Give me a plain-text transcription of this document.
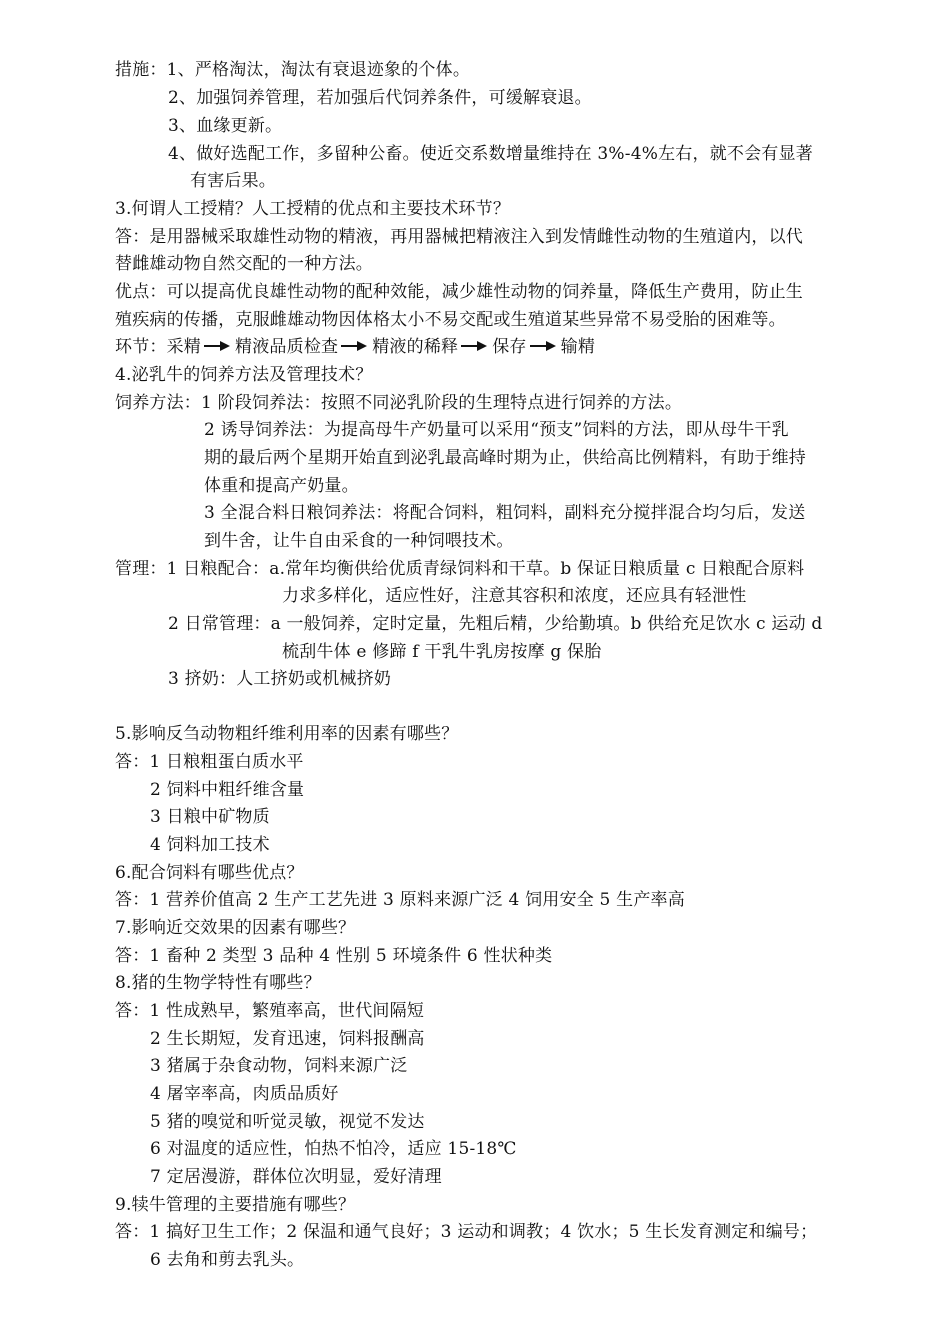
措施：1、严格淘汰，淘汰有衰退迹象的个体。
2、加强饲养管理，若加强后代饲养条件，可缓解衰退。
3、血缘更新。
4、做好选配工作，多留种公畜。使近交系数增量维持在 3%-4%左右，就不会有显著
有害后果。
3.何谓人工授精？人工授精的优点和主要技术环节？
答：是用器械采取雄性动物的精液，再用器械把精液注入到发情雌性动物的生殖道内，以代
替雌雄动物自然交配的一种方法。
优点：可以提高优良雄性动物的配种效能，减少雄性动物的饲养量，降低生产费用，防止生
殖疾病的传播，克服雌雄动物因体格太小不易交配或生殖道某些异常不易受胎的困难等。
环节：采精 精液品质检查 精液的稀释 保存 输精
4.泌乳牛的饲养方法及管理技术？
饲养方法：1 阶段饲养法：按照不同泌乳阶段的生理特点进行饲养的方法。
2 诱导饲养法：为提高母牛产奶量可以采用“预支”饲料的方法，即从母牛干乳
期的最后两个星期开始直到泌乳最高峰时期为止，供给高比例精料，有助于维持
体重和提高产奶量。
3 全混合料日粮饲养法：将配合饲料，粗饲料，副料充分搅拌混合均匀后，发送
到牛舍，让牛自由采食的一种饲喂技术。
管理：1 日粮配合：a.常年均衡供给优质青绿饲料和干草。b 保证日粮质量 c 日粮配合原料
力求多样化，适应性好，注意其容积和浓度，还应具有轻泄性
2 日常管理：a 一般饲养，定时定量，先粗后精，少给勤填。b 供给充足饮水 c 运动 d
梳刮牛体 e 修蹄 f 干乳牛乳房按摩 g 保胎
3 挤奶：人工挤奶或机械挤奶
5.影响反刍动物粗纤维利用率的因素有哪些？
答：1 日粮粗蛋白质水平
2 饲料中粗纤维含量
3 日粮中矿物质
4 饲料加工技术
6.配合饲料有哪些优点？
答：1 营养价值高 2 生产工艺先进 3 原料来源广泛 4 饲用安全 5 生产率高
7.影响近交效果的因素有哪些？
答：1 畜种 2 类型 3 品种 4 性别 5 环境条件 6 性状种类
8.猪的生物学特性有哪些？
答：1 性成熟早，繁殖率高，世代间隔短
2 生长期短，发育迅速，饲料报酬高
3 猪属于杂食动物，饲料来源广泛
4 屠宰率高，肉质品质好
5 猪的嗅觉和听觉灵敏，视觉不发达
6 对温度的适应性，怕热不怕冷，适应 15-18℃
7 定居漫游，群体位次明显，爱好清理
9.犊牛管理的主要措施有哪些？
答：1 搞好卫生工作；2 保温和通气良好；3 运动和调教；4 饮水；5 生长发育测定和编号；
6 去角和剪去乳头。
